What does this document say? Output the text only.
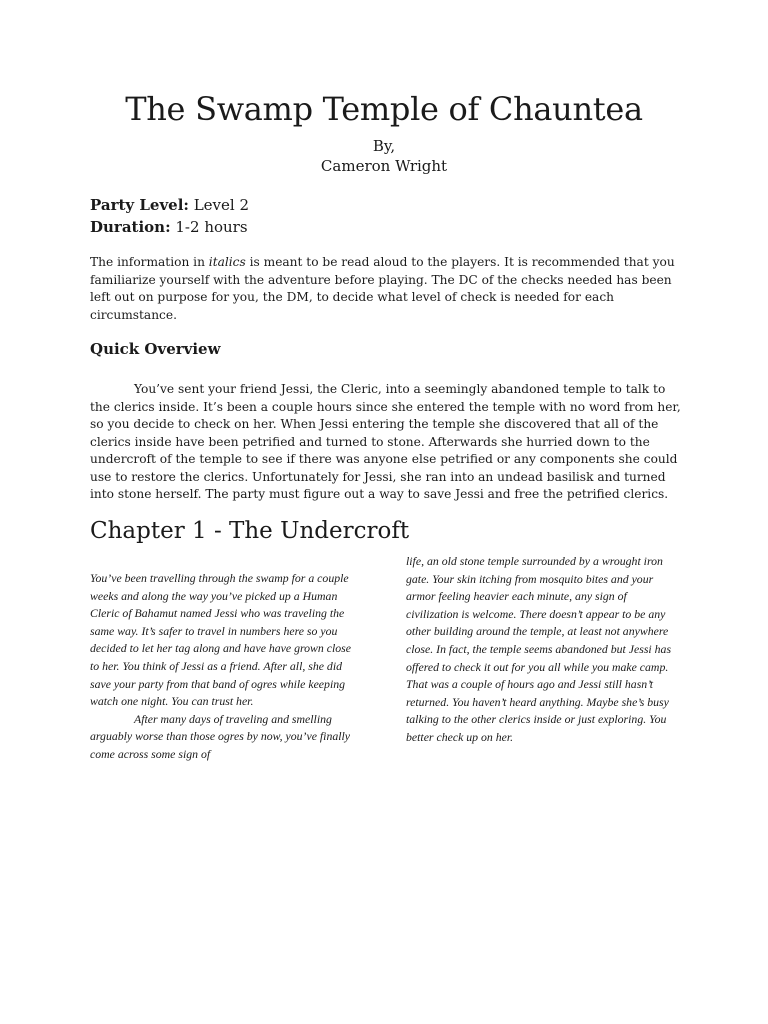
The Swamp Temple of Chauntea
By,
Cameron Wright
Party Level: Level 2
Duration: 1-2 hours

The information in italics is meant to be read aloud to the players. It is recommended that you familiarize yourself with the adventure before playing. The DC of the checks needed has been left out on purpose for you, the DM, to decide what level of check is needed for each circumstance.

Quick Overview

You’ve sent your friend Jessi, the Cleric, into a seemingly abandoned temple to talk to the clerics inside. It’s been a couple hours since she entered the temple with no word from her, so you decide to check on her. When Jessi entering the temple she discovered that all of the clerics inside have been petrified and turned to stone. Afterwards she hurried down to the undercroft of the temple to see if there was anyone else petrified or any components she could use to restore the clerics. Unfortunately for Jessi, she ran into an undead basilisk and turned into stone herself. The party must figure out a way to save Jessi and free the petrified clerics.

Chapter 1 - The Undercroft
You’ve been travelling through the swamp for a couple weeks and along the way you’ve picked up a Human Cleric of Bahamut named Jessi who was traveling the same way. It’s safer to travel in numbers here so you decided to let her tag along and have have grown close to her. You think of Jessi as a friend. After all, she did save your party from that band of ogres while keeping watch one night. You can trust her.
After many days of traveling and smelling arguably worse than those ogres by now, you’ve finally come across some sign of
life, an old stone temple surrounded by a wrought iron gate. Your skin itching from mosquito bites and your armor feeling heavier each minute, any sign of civilization is welcome. There doesn’t appear to be any other building around the temple, at least not anywhere close. In fact, the temple seems abandoned but Jessi has offered to check it out for you all while you make camp. That was a couple of hours ago and Jessi still hasn’t returned. You haven’t heard anything. Maybe she’s busy talking to the other clerics inside or just exploring. You better check up on her.
